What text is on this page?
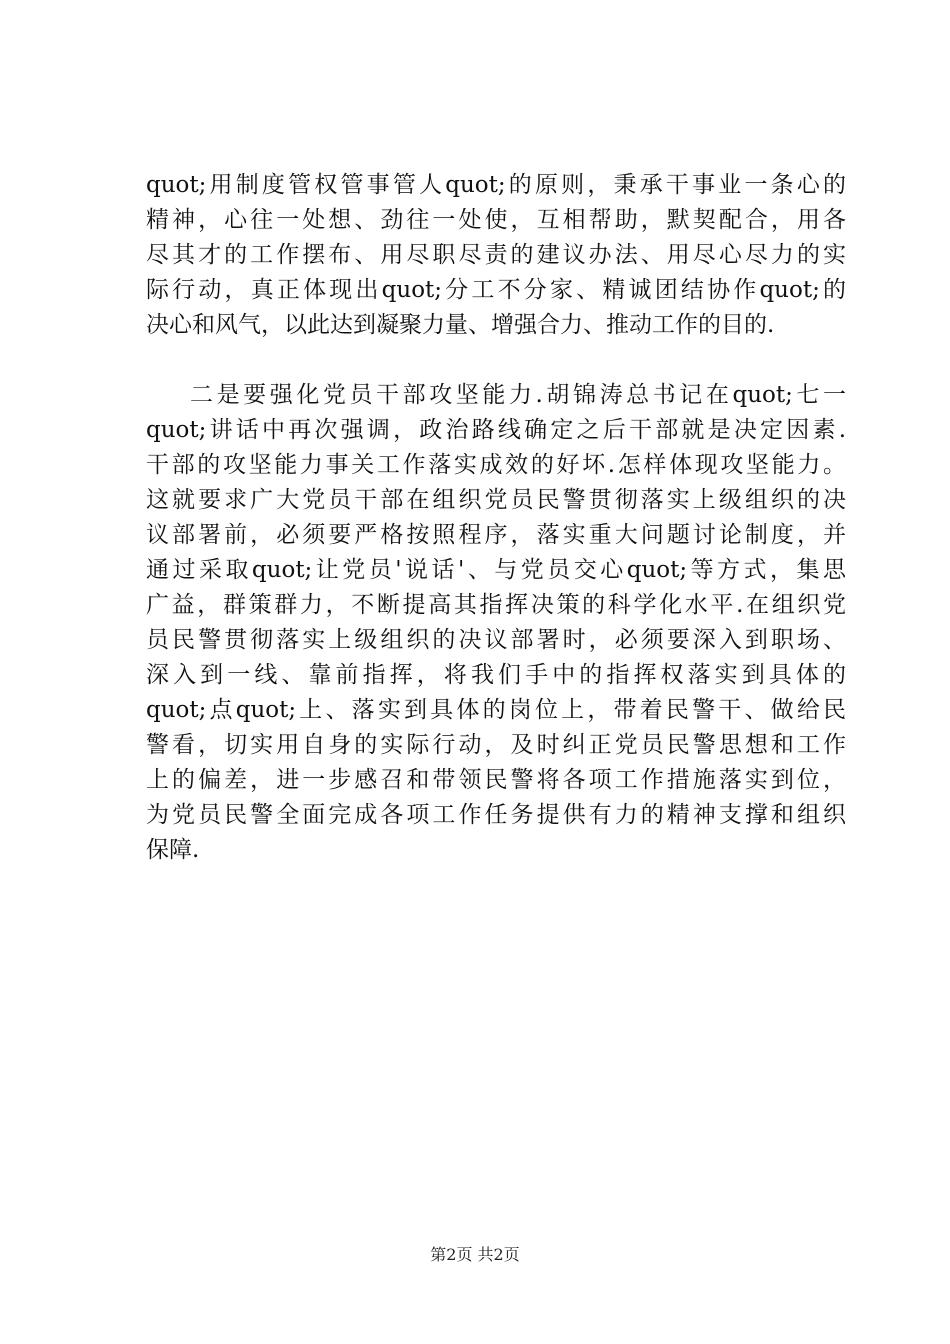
quot;用制度管权管事管人quot;的原则，秉承干事业一条心的
精神，心往一处想、劲往一处使，互相帮助，默契配合，用各
尽其才的工作摆布、用尽职尽责的建议办法、用尽心尽力的实
际行动，真正体现出quot;分工不分家、精诚团结协作quot;的
决心和风气，以此达到凝聚力量、增强合力、推动工作的目的.
二是要强化党员干部攻坚能力.胡锦涛总书记在quot;七一
quot;讲话中再次强调，政治路线确定之后干部就是决定因素.
干部的攻坚能力事关工作落实成效的好坏.怎样体现攻坚能力。
这就要求广大党员干部在组织党员民警贯彻落实上级组织的决
议部署前，必须要严格按照程序，落实重大问题讨论制度，并
通过采取quot;让党员'说话'、与党员交心quot;等方式，集思
广益，群策群力，不断提高其指挥决策的科学化水平.在组织党
员民警贯彻落实上级组织的决议部署时，必须要深入到职场、
深入到一线、靠前指挥，将我们手中的指挥权落实到具体的
quot;点quot;上、落实到具体的岗位上，带着民警干、做给民
警看，切实用自身的实际行动，及时纠正党员民警思想和工作
上的偏差，进一步感召和带领民警将各项工作措施落实到位，
为党员民警全面完成各项工作任务提供有力的精神支撑和组织
保障.
第2页 共2页
